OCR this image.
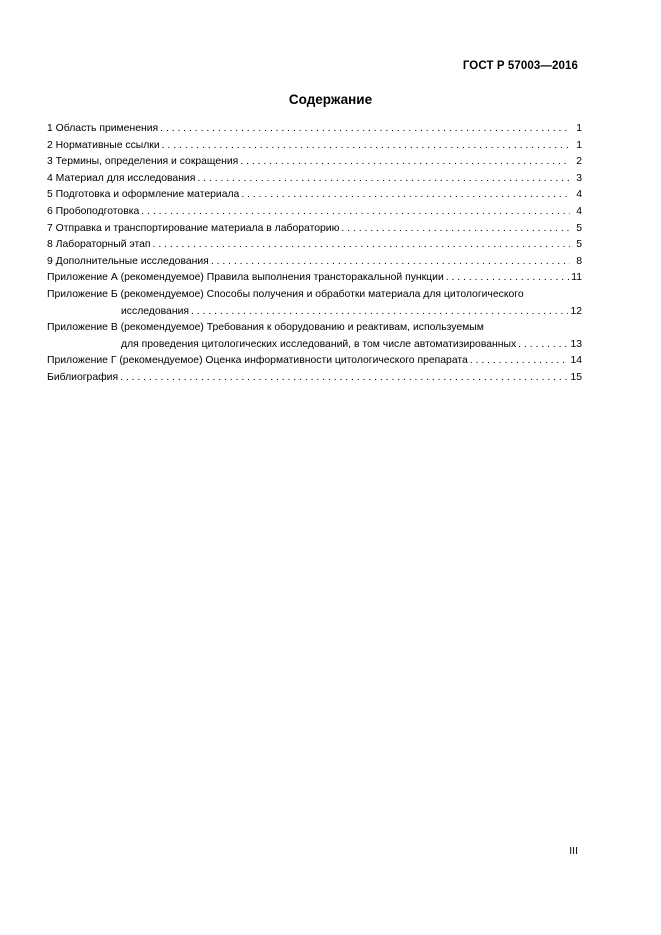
ГОСТ Р 57003—2016
Содержание
1 Область применения . . .	1
2 Нормативные ссылки . . .	1
3 Термины, определения и сокращения . . .	2
4 Материал для исследования . . .	3
5 Подготовка и оформление материала . . .	4
6 Пробоподготовка . . .	4
7 Отправка и транспортирование материала в лабораторию . . .	5
8 Лабораторный этап . . .	5
9 Дополнительные исследования . . .	8
Приложение А (рекомендуемое) Правила выполнения трансторакальной пункции . . .	11
Приложение Б (рекомендуемое) Способы получения и обработки материала для цитологического
исследования . . .	12
Приложение В (рекомендуемое) Требования к оборудованию и реактивам, используемым
для проведения цитологических исследований, в том числе автоматизированных . . .	13
Приложение Г (рекомендуемое) Оценка информативности цитологического препарата . . .	14
Библиография . . .	15
III
